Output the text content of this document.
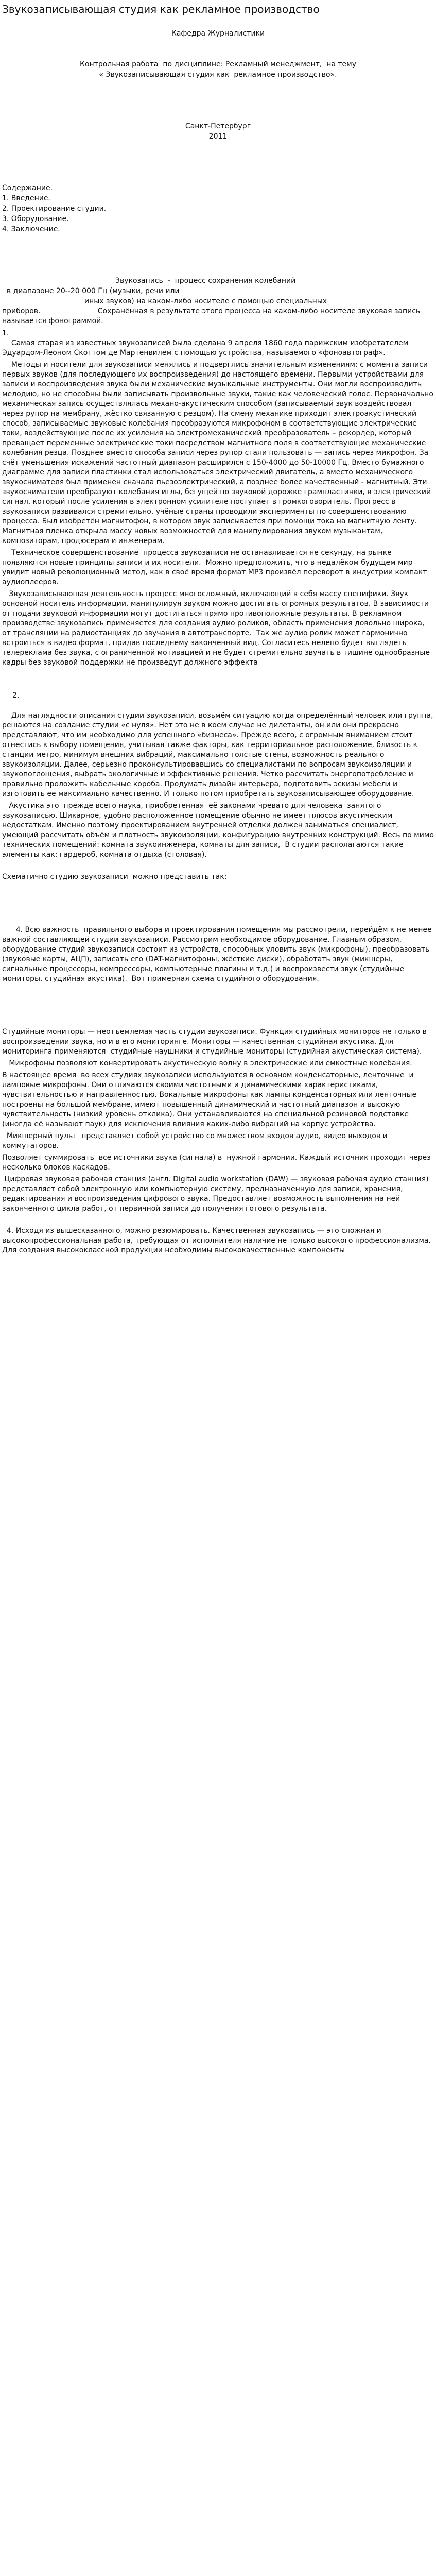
Звукозаписывающая студия как рекламное производство

Кафедра Журналистики

Контрольная работа  по дисциплине: Рекламный менеджмент,  на тему

« Звукозаписывающая студия как  рекламное производство».

Санкт-Петербург

2011

Содержание.

1. Введение.

2. Проектирование студии.

3. Оборудование.

4. Заключение.

Звукозапись  -  процесс сохранения колебаний

в диапазоне 20--20 000 Гц (музыки, речи или

иных звуков) на каком-либо носителе с помощью специальных

приборов.                         Сохранённая в результате этого процесса на каком-либо носителе звуковая запись называется фонограммой.

1.

Самая старая из известных звукозаписей была сделана 9 апреля 1860 года парижским изобретателем Эдуардом-Леоном Скоттом де Мартенвилем с помощью устройства, называемого «фоноавтограф».

Методы и носители для звукозаписи менялись и подверглись значительным изменениям: с момента записи первых звуков (для последующего их воспроизведения) до настоящего времени. Первыми устройствами для записи и воспроизведения звука были механические музыкальные инструменты. Они могли воспроизводить мелодию, но не способны были записывать произвольные звуки, такие как человеческий голос. Первоначально механическая запись осуществлялась механо-акустическим способом (записываемый звук воздействовал через рупор на мембрану, жёстко связанную с резцом). На смену механике приходит электроакустический способ, записываемые звуковые колебания преобразуются микрофоном в соответствующие электрические токи, воздействующие после их усиления на электромеханический преобразователь – рекордер, который преващает переменные электрические токи посредством магнитного поля в соответствующие механические колебания резца. Позднее вместо способа записи через рупор стали пользовать — запись через микрофон. За счёт уменьшения искажений частотный диапазон расширился с 150-4000 до 50-10000 Гц. Вместо бумажного диаграмме для записи пластинки стал использоваться электрический двигатель, а вместо механического звукоснимателя был применен сначала пьезоэлектрический, а позднее более качественный - магнитный. Эти звукосниматели преобразуют колебания иглы, бегущей по звуковой дорожке грампластинки, в электрический сигнал, который после усиления в электронном усилителе поступает в громкоговоритель. Прогресс в звукозаписи развивался стремительно, учёные страны проводили эксперименты по совершенствованию процесса. Был изобретён магнитофон, в котором звук записывается при помощи тока на магнитную ленту. Магнитная пленка открыла массу новых возможностей для манипулирования звуком музыкантам, композиторам, продюсерам и инженерам.

Техническое совершенствование  процесса звукозаписи не останавливается не секунду, на рынке появляются новые принципы записи и их носители.  Можно предположить, что в недалёком будущем мир увидит новый революционный метод, как в своё время формат MP3 произвёл переворот в индустрии компакт аудиоплееров.

Звукозаписывающая деятельность процесс многосложный, включающий в себя массу специфики. Звук основной носитель информации, манипулируя звуком можно достигать огромных результатов. В зависимости от подачи звуковой информации могут достигаться прямо противоположные результаты. В рекламном производстве звукозапись применяется для создания аудио роликов, область применения довольно широка, от трансляции на радиостанциях до звучания в автотранспорте.  Так же аудио ролик может гармонично встроиться в видео формат, придав последнему законченный вид. Согласитесь нелепо будет выглядеть телереклама без звука, с ограниченной мотивацией и не будет стремительно звучать в тишине однообразные кадры без звуковой поддержки не произведут должного эффекта

2.

Для наглядности описания студии звукозаписи, возьмём ситуацию когда определённый человек или группа, решаются на создание студии «с нуля». Нет это не в коем случае не дилетанты, он или они прекрасно представляют, что им необходимо для успешного «бизнеса». Прежде всего, с огромным вниманием стоит отнестись к выбору помещения, учитывая также факторы, как территориальное расположение, близость к станции метро, минимум внешних вибраций, максимально толстые стены, возможность реального звукоизоляции. Далее, серьезно проконсультировавшись со специалистами по вопросам звукоизоляции и звукопоглощения, выбрать экологичные и эффективные решения. Четко рассчитать энергопотребление и правильно проложить кабельные короба. Продумать дизайн интерьера, подготовить эскизы мебели и изготовить ее максимально качественно. И только потом приобретать звукозаписывающее оборудование.

Акустика это  прежде всего наука, приобретенная  её законами чревато для человека  занятого звукозаписью. Шикарное, удобно расположенное помещение обычно не имеет плюсов акустическим недостаткам. Именно поэтому проектированием внутренней отделки должен заниматься специалист, умеющий рассчитать объём и плотность звукоизоляции, конфигурацию внутренних конструкций. Весь по мимо технических помещений: комната звукоинженера, комнаты для записи,  В студии располагаются такие элементы как: гардероб, комната отдыха (столовая).

Схематично студию звукозаписи  можно представить так:

4. Всю важность  правильного выбора и проектирования помещения мы рассмотрели, перейдём к не менее важной составляющей студии звукозаписи. Рассмотрим необходимое оборудование. Главным образом, оборудование студий звукозаписи состоит из устройств, способных уловить звук (микрофоны), преобразовать (звуковые карты, АЦП), записать его (DAT-магнитофоны, жёсткие диски), обработать звук (микшеры, сигнальные процессоры, компрессоры, компьютерные плагины и т.д.) и воспроизвести звук (студийные мониторы, студийная акустика).  Вот примерная схема студийного оборудования.

Студийные мониторы — неотъемлемая часть студии звукозаписи. Функция студийных мониторов не только в воспроизведении звука, но и в его мониторинге. Мониторы — качественная студийная акустика. Для мониторинга применяются  студийные наушники и студийные мониторы (студийная акустическая система).

Микрофоны позволяют конвертировать акустическую волну в электрические или емкостные колебания.

В настоящее время  во всех студиях звукозаписи используются в основном конденсаторные, ленточные  и ламповые микрофоны. Они отличаются своими частотными и динамическими характеристиками, чувствительностью и направленностью. Вокальные микрофоны как лампы конденсаторных или ленточные построены на большой мембране, имеют повышенный динамический и частотный диапазон и высокую чувствительность (низкий уровень отклика). Они устанавливаются на специальной резиновой подставке (иногда её называют паук) для исключения влияния каких-либо вибраций на корпус устройства.

Микшерный пульт  представляет собой устройство со множеством входов аудио, видео выходов и коммутаторов.

Позволяет суммировать  все источники звука (сигнала) в  нужной гармонии. Каждый источник проходит через несколько блоков каскадов.

Цифровая звуковая рабочая станция (англ. Digital audio workstation (DAW) — звуковая рабочая аудио станция) представляет собой электронную или компьютерную систему, предназначенную для записи, хранения, редактирования и воспроизведения цифрового звука. Предоставляет возможность выполнения на ней законченного цикла работ, от первичной записи до получения готового результата.

4. Исходя из вышесказанного, можно резюмировать. Качественная звукозапись — это сложная и высокопрофессиональная работа, требующая от исполнителя наличие не только высокого профессионализма. Для создания высококлассной продукции необходимы высококачественные компоненты
